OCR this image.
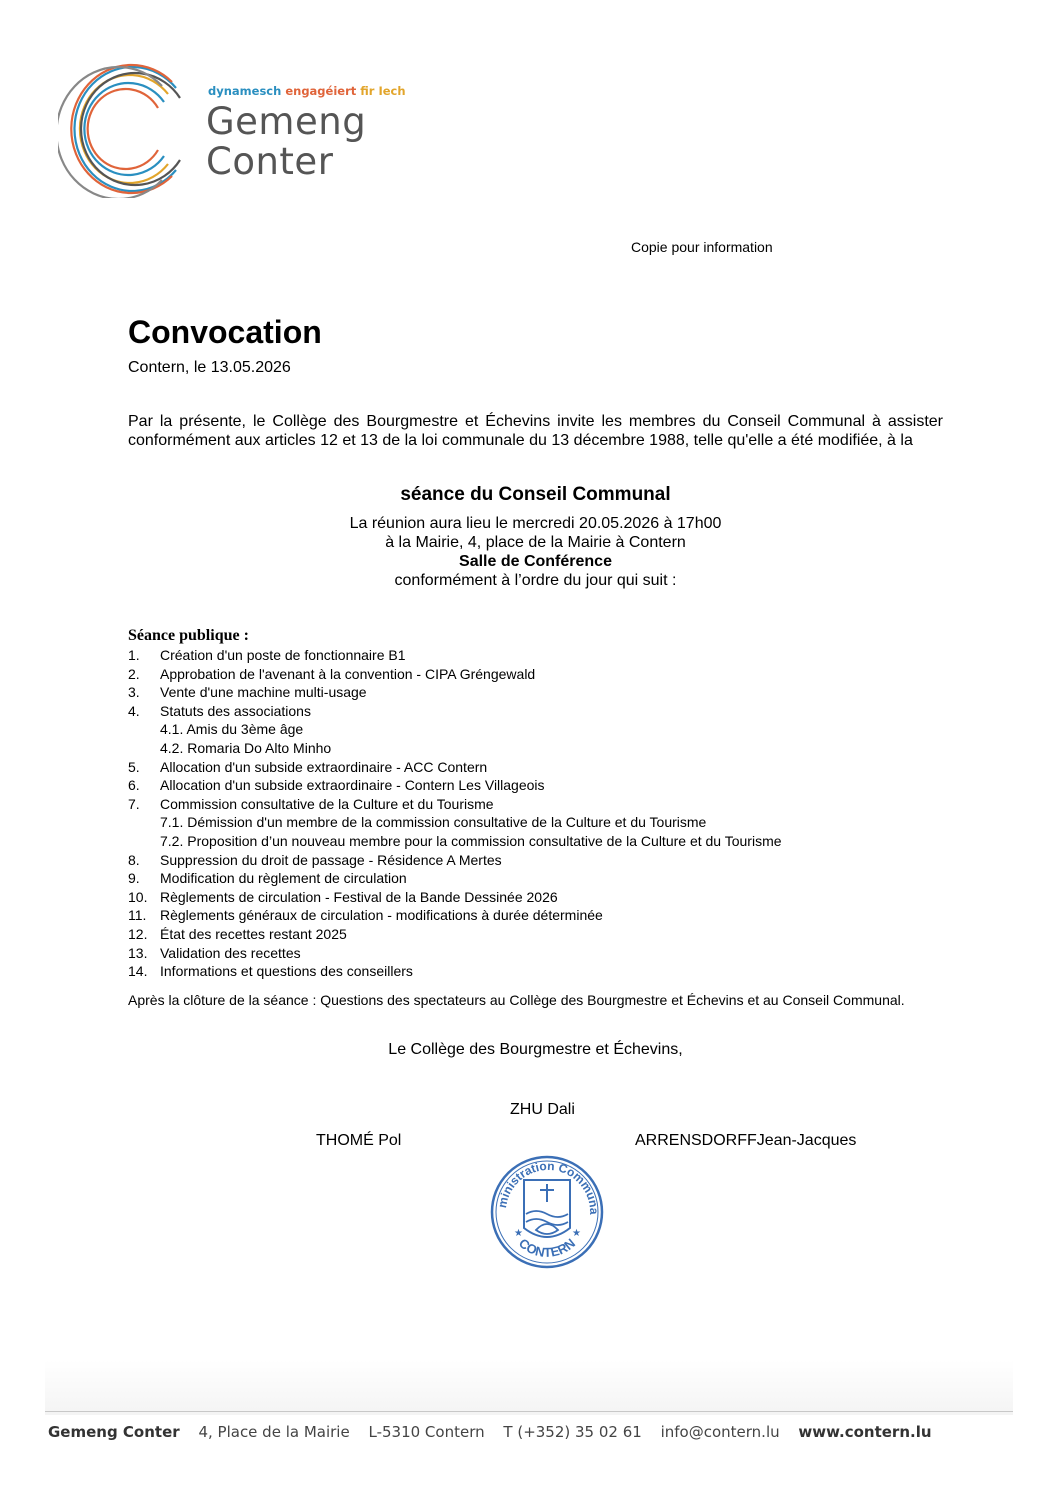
dynamesch engagéiert fir Iech
Gemeng
Conter
Copie pour information
Convocation
Contern, le 13.05.2026

Par la présente, le Collège des Bourgmestre et Échevins invite les membres du Conseil Communal à assister conformément aux articles 12 et 13 de la loi communale du 13 décembre 1988, telle qu'elle a été modifiée, à la

séance du Conseil Communal
La réunion aura lieu le mercredi 20.05.2026 à 17h00
à la Mairie, 4, place de la Mairie à Contern
Salle de Conférence
conformément à l’ordre du jour qui suit :
Séance publique :
1. Création d'un poste de fonctionnaire B1
2. Approbation de l'avenant à la convention - CIPA Gréngewald
3. Vente d'une machine multi-usage
4. Statuts des associations
4.1. Amis du 3ème âge
4.2. Romaria Do Alto Minho
5. Allocation d'un subside extraordinaire - ACC Contern
6. Allocation d'un subside extraordinaire - Contern Les Villageois
7. Commission consultative de la Culture et du Tourisme
7.1. Démission d'un membre de la commission consultative de la Culture et du Tourisme
7.2. Proposition d’un nouveau membre pour la commission consultative de la Culture et du Tourisme
8. Suppression du droit de passage - Résidence A Mertes
9. Modification du règlement de circulation
10. Règlements de circulation - Festival de la Bande Dessinée 2026
11. Règlements généraux de circulation - modifications à durée déterminée
12. État des recettes restant 2025
13. Validation des recettes
14. Informations et questions des conseillers

Après la clôture de la séance : Questions des spectateurs au Collège des Bourgmestre et Échevins et au Conseil Communal.

Le Collège des Bourgmestre et Échevins,
ZHU Dali
THOMÉ Pol	ARRENSDORFFJean-Jacques
ministration Communa
CONTERN
★	★
Gemeng Conter 4, Place de la Mairie L-5310 Contern T (+352) 35 02 61 info@contern.lu www.contern.lu
